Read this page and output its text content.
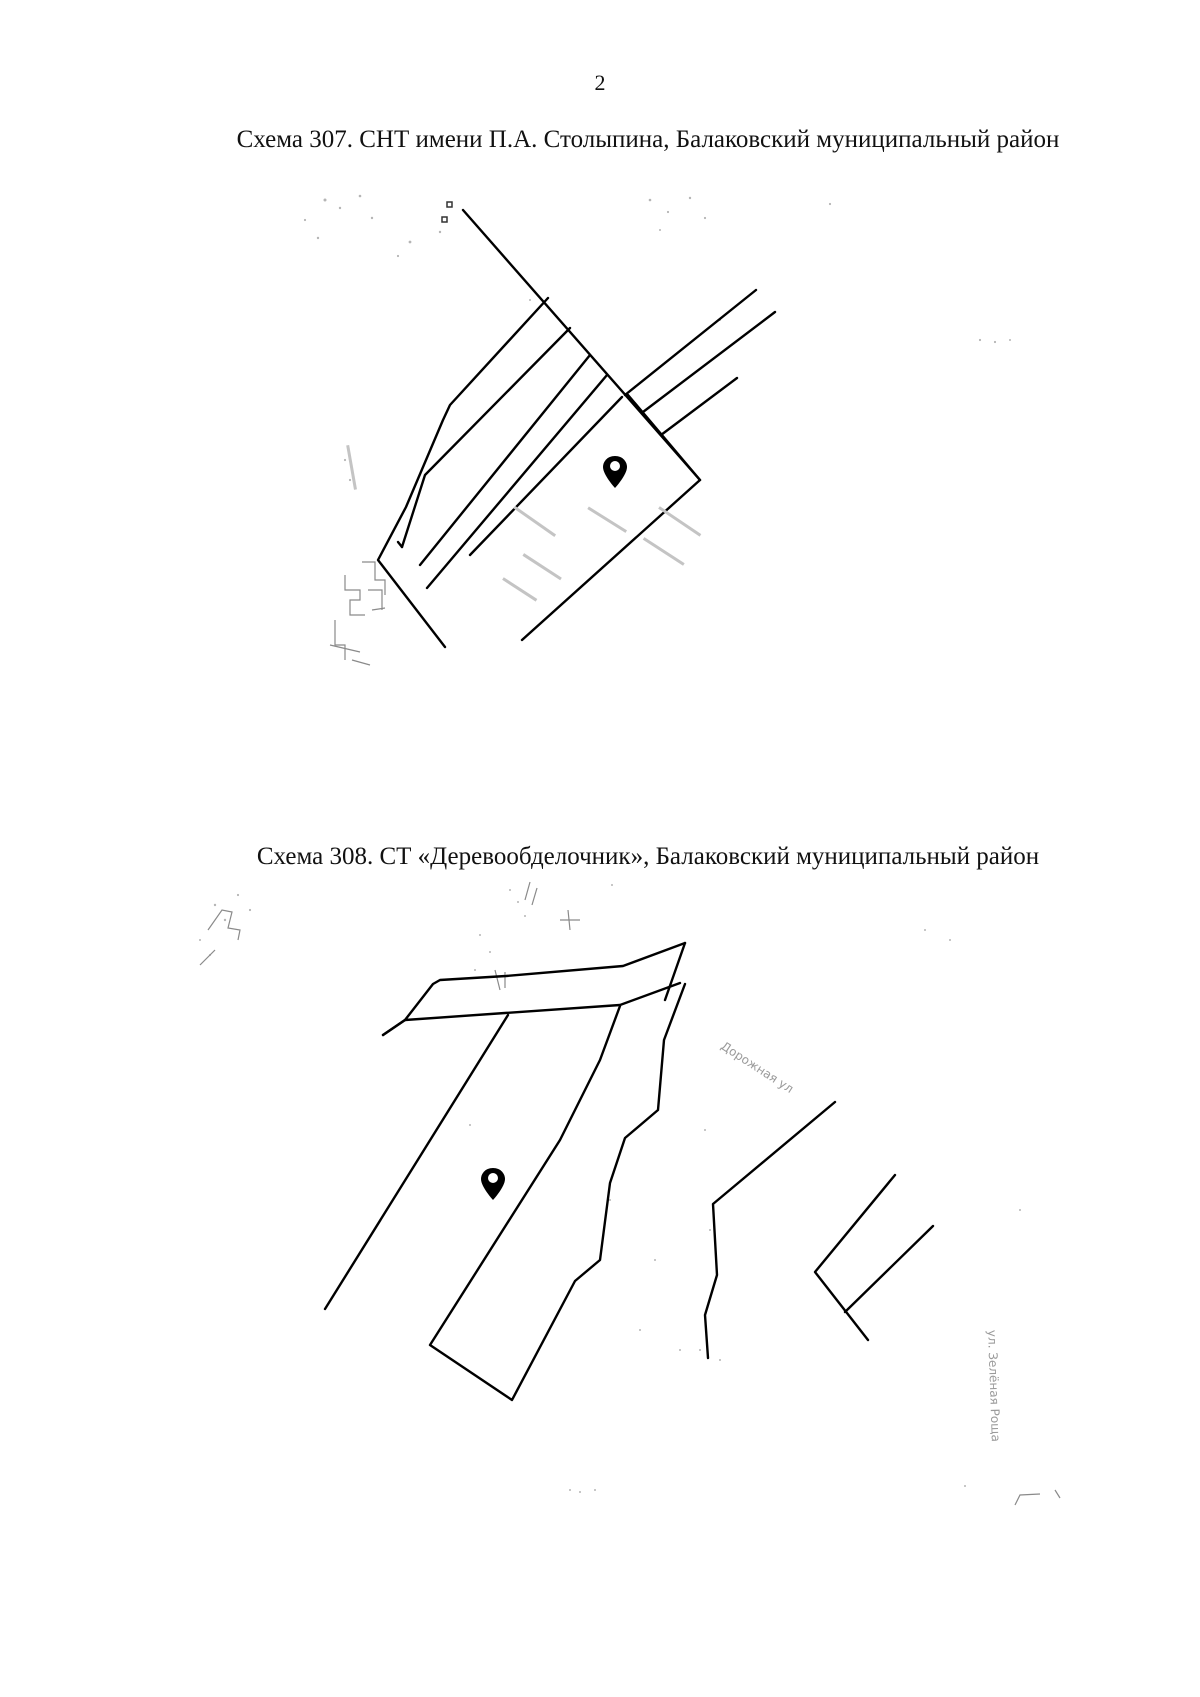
2
Схема 307. СНТ имени П.А. Столыпина, Балаковский муниципальный район
Схема 308. СТ «Деревообделочник», Балаковский муниципальный район
Дорожная ул
ул. Зелёная Роща
